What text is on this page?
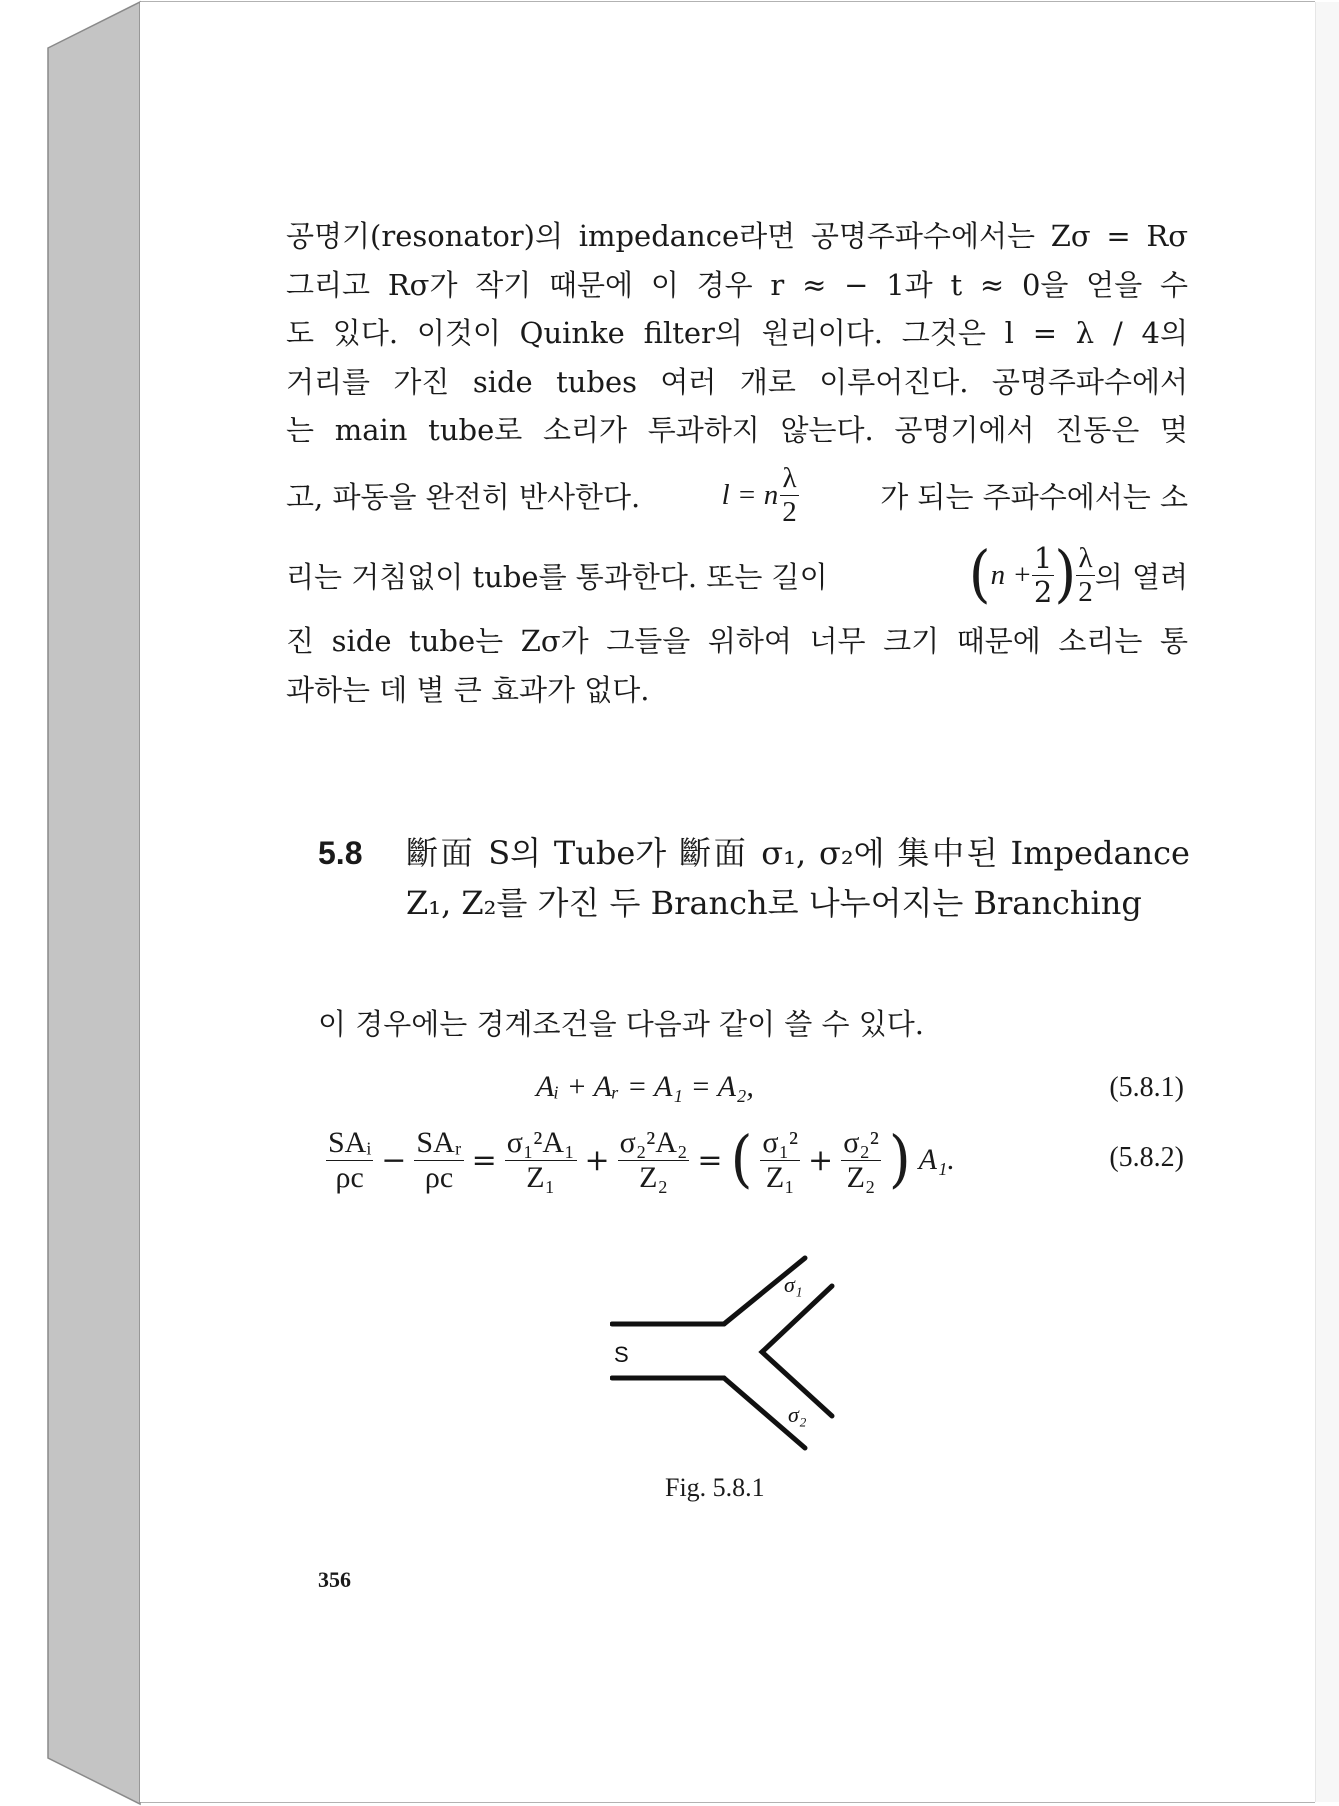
공명기(resonator)의 impedance라면 공명주파수에서는 Zσ = Rσ
그리고 Rσ가 작기 때문에 이 경우 r ≈ − 1과 t ≈ 0을 얻을 수
도 있다. 이것이 Quinke filter의 원리이다. 그것은 l = λ / 4의
거리를 가진 side tubes 여러 개로 이루어진다. 공명주파수에서
는 main tube로 소리가 투과하지 않는다. 공명기에서 진동은 멎
고, 파동을 완전히 반사한다.	l = n $\frac{\lambda}{2}$	가 되는 주파수에서는 소
리는 거침없이 tube를 통과한다. 또는 길이	( $n + \frac{1}{2}$ ) $\frac{\lambda}{2}$ 의 열려
진 side tube는 Zσ가 그들을 위하여 너무 크기 때문에 소리는 통
과하는 데 별 큰 효과가 없다.
5.8 斷面 S의 Tube가 斷面 σ₁, σ₂에 集中된 Impedance
Z₁, Z₂를 가진 두 Branch로 나누어지는 Branching
이 경우에는 경계조건을 다음과 같이 쓸 수 있다.
Aᵢ + Aᵣ = A₁ = A₂,	(5.8.1)
$\frac{\text{SAᵢ}}{\rho c} - \frac{\text{SAᵣ}}{\rho c} = \frac{\text{σ₁²A₁}}{\text{Z₁}} + \frac{\text{σ₂²A₂}}{\text{Z₂}}$ = ( $\frac{\text{σ₁²}}{\text{Z₁}} + \frac{\text{σ₂²}}{\text{Z₂}}$ ) A₁.	(5.8.2)
S
σ₁
σ₂
Fig. 5.8.1
356
